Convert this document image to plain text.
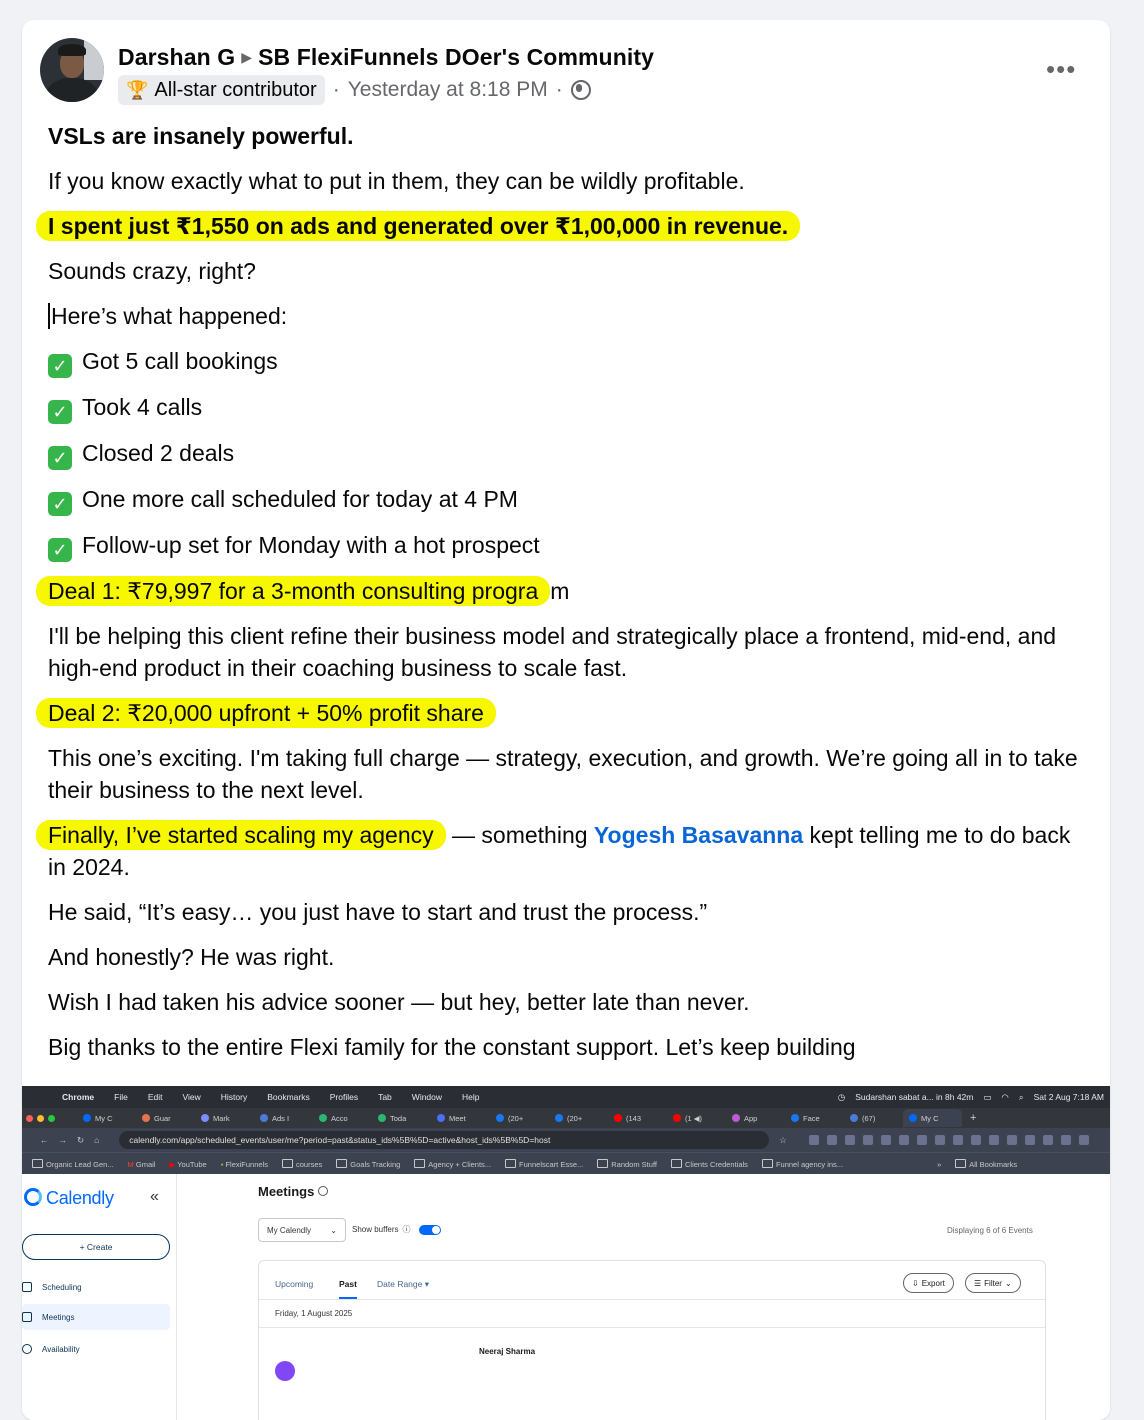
Darshan G ▶ SB FlexiFunnels DOer's Community
🏆 All-star contributor · Yesterday at 8:18 PM ·
•••

VSLs are insanely powerful.

If you know exactly what to put in them, they can be wildly profitable.

I spent just ₹1,550 on ads and generated over ₹1,00,000 in revenue.

Sounds crazy, right?

Here’s what happened:

✓ Got 5 call bookings

✓ Took 4 calls

✓ Closed 2 deals

✓ One more call scheduled for today at 4 PM

✓ Follow-up set for Monday with a hot prospect

Deal 1: ₹79,997 for a 3-month consulting progra m

I'll be helping this client refine their business model and strategically place a frontend, mid-end, and high-end product in their coaching business to scale fast.

Deal 2: ₹20,000 upfront + 50% profit share

This one’s exciting. I'm taking full charge — strategy, execution, and growth. We’re going all in to take their business to the next level.

Finally, I’ve started scaling my agency — something Yogesh Basavanna kept telling me to do back in 2024.

He said, “It’s easy… you just have to start and trust the process.”

And honestly? He was right.

Wish I had taken his advice sooner — but hey, better late than never.

Big thanks to the entire Flexi family for the constant support. Let’s keep building

Chrome File Edit View History Bookmarks Profiles Tab Window Help	◷ Sudarshan sabat a... in 8h 42m ▭ ◠ ⌕ Sat 2 Aug 7:18 AM
My C	Guar	Mark	Ads I	Acco	Toda	Meet	(20+	(20+	(143	(1 ◀)	App	Face	(67)	My C	+
← → ↻ ⌂	calendly.com/app/scheduled_events/user/me?period=past&status_ids%5B%5D=active&host_ids%5B%5D=host	☆
Organic Lead Gen... M Gmail ▶ YouTube ▪ FlexiFunnels	courses	Goals Tracking	Agency + Clients...	Funnelscart Esse...	Random Stuff	Clients Credentials	Funnel agency ins...	»	All Bookmarks
Calendly «
+ Create
Scheduling
Meetings
Availability
Meetings
My Calendly ⌄ Show buffers ⓘ	Displaying 6 of 6 Events
Upcoming	Past Date Range ▾	⇩ Export	☰ Filter ⌄
Friday, 1 August 2025
Neeraj Sharma
